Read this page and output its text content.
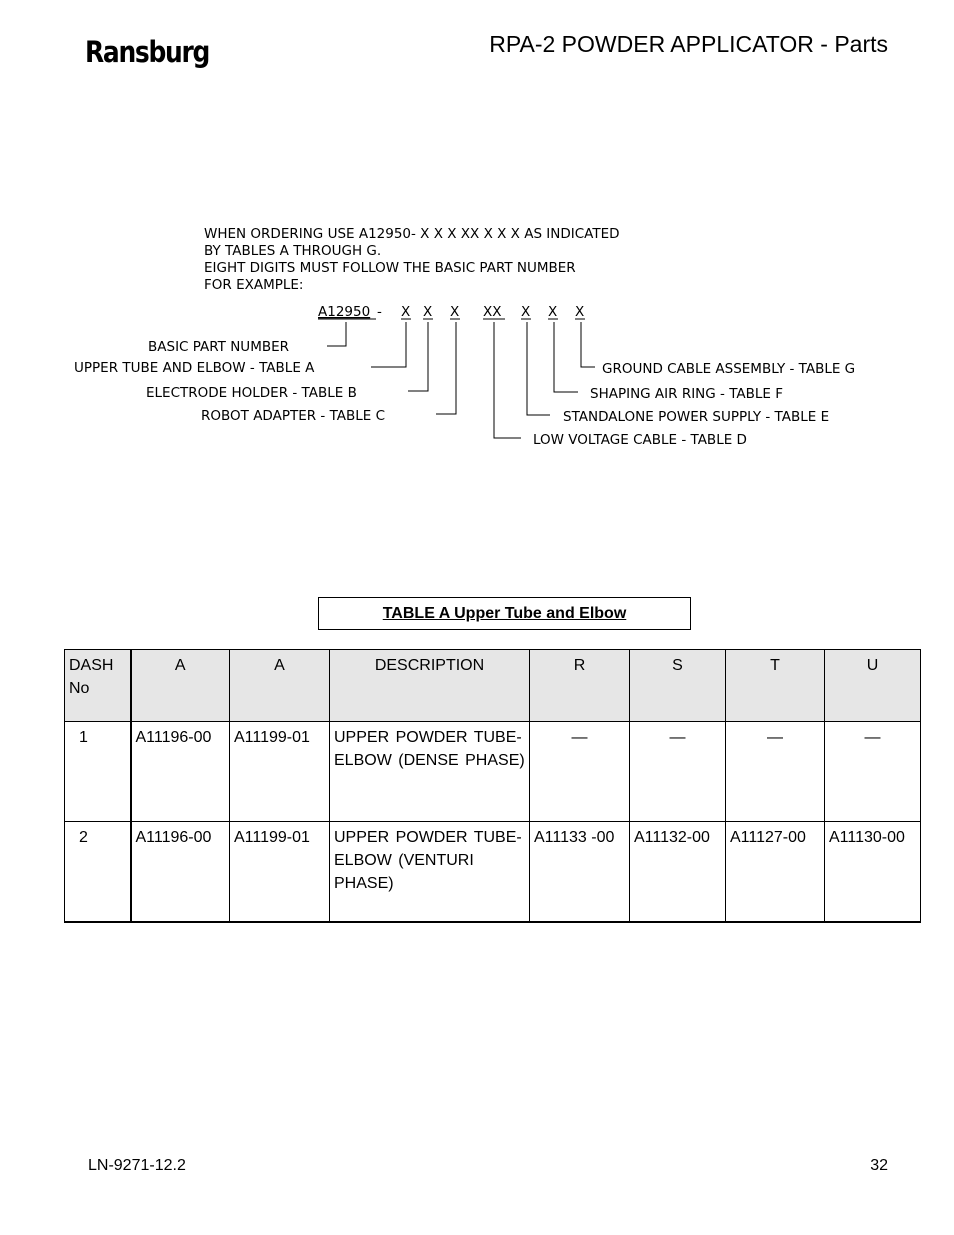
Ransburg	RPA-2 POWDER APPLICATOR - Parts
WHEN ORDERING USE A12950- X X X XX X X X AS INDICATED
BY TABLES A THROUGH G.
EIGHT DIGITS MUST FOLLOW THE BASIC PART NUMBER
FOR EXAMPLE:
A12950 - X X X XX X X X
BASIC PART NUMBER
UPPER TUBE AND ELBOW - TABLE A
ELECTRODE HOLDER - TABLE B
ROBOT ADAPTER - TABLE C
LOW VOLTAGE CABLE - TABLE D
STANDALONE POWER SUPPLY - TABLE E
SHAPING AIR RING - TABLE F
GROUND CABLE ASSEMBLY - TABLE G
TABLE A Upper Tube and Elbow
DASH No	A	A	DESCRIPTION	R	S	T	U
1	A11196-00	A11199-01	UPPER POWDER TUBE- ELBOW (DENSE PHASE)	—	—	—	—
2	A11196-00	A11199-01	UPPER POWDER TUBE- ELBOW (VENTURI PHASE)	A11133 -00	A11132-00	A11127-00	A11130-00
LN-9271-12.2	32
